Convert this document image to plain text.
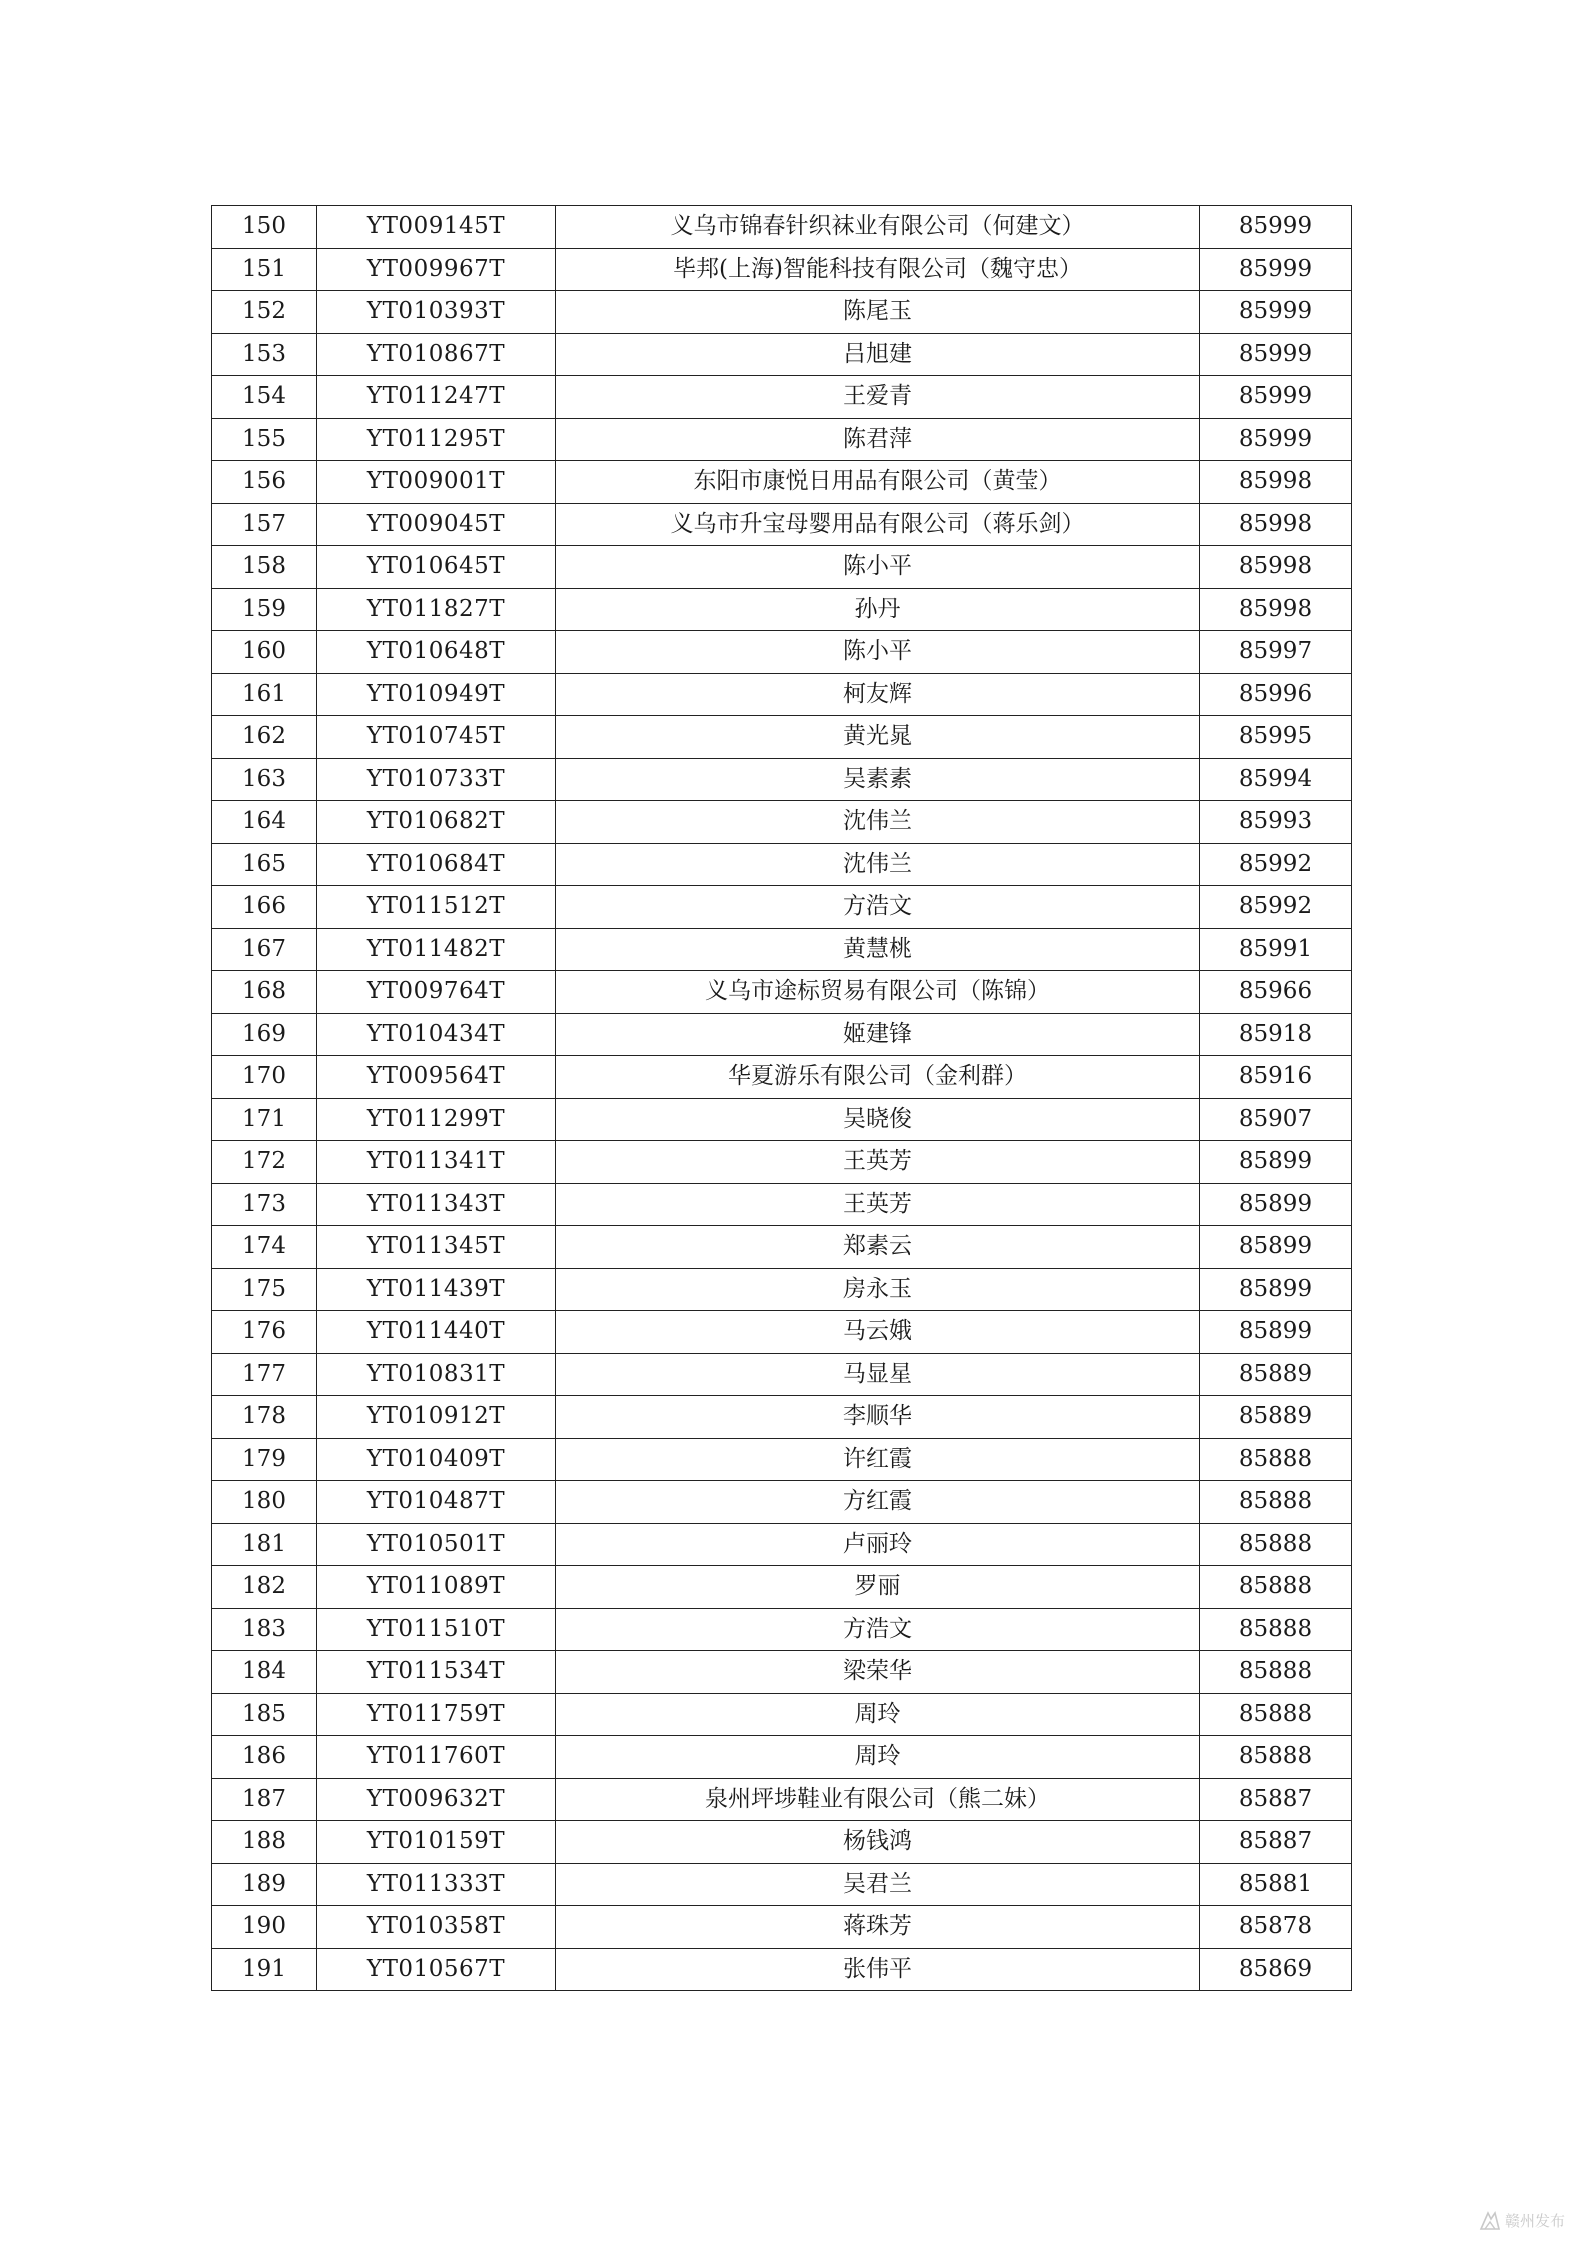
150	YT009145T	义乌市锦春针织袜业有限公司（何建文）	85999
151	YT009967T	毕邦(上海)智能科技有限公司（魏守忠）	85999
152	YT010393T	陈尾玉	85999
153	YT010867T	吕旭建	85999
154	YT011247T	王爱青	85999
155	YT011295T	陈君萍	85999
156	YT009001T	东阳市康悦日用品有限公司（黄莹）	85998
157	YT009045T	义乌市升宝母婴用品有限公司（蒋乐剑）	85998
158	YT010645T	陈小平	85998
159	YT011827T	孙丹	85998
160	YT010648T	陈小平	85997
161	YT010949T	柯友辉	85996
162	YT010745T	黄光晁	85995
163	YT010733T	吴素素	85994
164	YT010682T	沈伟兰	85993
165	YT010684T	沈伟兰	85992
166	YT011512T	方浩文	85992
167	YT011482T	黄慧桃	85991
168	YT009764T	义乌市途标贸易有限公司（陈锦）	85966
169	YT010434T	姬建锋	85918
170	YT009564T	华夏游乐有限公司（金利群）	85916
171	YT011299T	吴晓俊	85907
172	YT011341T	王英芳	85899
173	YT011343T	王英芳	85899
174	YT011345T	郑素云	85899
175	YT011439T	房永玉	85899
176	YT011440T	马云娥	85899
177	YT010831T	马显星	85889
178	YT010912T	李顺华	85889
179	YT010409T	许红霞	85888
180	YT010487T	方红霞	85888
181	YT010501T	卢丽玲	85888
182	YT011089T	罗丽	85888
183	YT011510T	方浩文	85888
184	YT011534T	梁荣华	85888
185	YT011759T	周玲	85888
186	YT011760T	周玲	85888
187	YT009632T	泉州坪埗鞋业有限公司（熊二妹）	85887
188	YT010159T	杨钱鸿	85887
189	YT011333T	吴君兰	85881
190	YT010358T	蒋珠芳	85878
191	YT010567T	张伟平	85869
赣州发布
